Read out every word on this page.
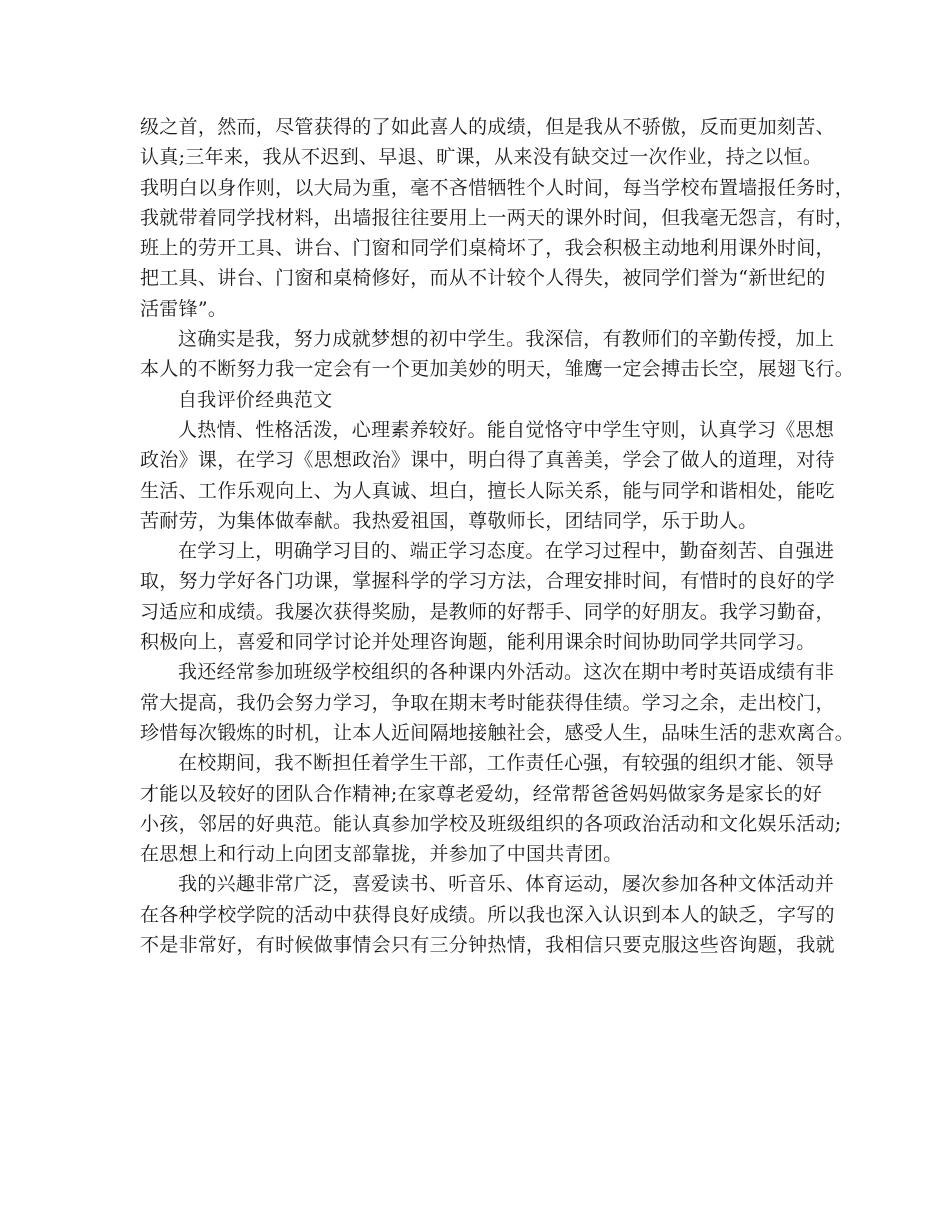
级之首，然而，尽管获得的了如此喜人的成绩，但是我从不骄傲，反而更加刻苦、
认真;三年来，我从不迟到、早退、旷课，从来没有缺交过一次作业，持之以恒。
我明白以身作则，以大局为重，毫不吝惜牺牲个人时间，每当学校布置墙报任务时，
我就带着同学找材料，出墙报往往要用上一两天的课外时间，但我毫无怨言，有时，
班上的劳开工具、讲台、门窗和同学们桌椅坏了，我会积极主动地利用课外时间，
把工具、讲台、门窗和桌椅修好，而从不计较个人得失，被同学们誉为“新世纪的
活雷锋”。
这确实是我，努力成就梦想的初中学生。我深信，有教师们的辛勤传授，加上
本人的不断努力我一定会有一个更加美妙的明天，雏鹰一定会搏击长空，展翅飞行。
自我评价经典范文
人热情、性格活泼，心理素养较好。能自觉恪守中学生守则，认真学习《思想
政治》课，在学习《思想政治》课中，明白得了真善美，学会了做人的道理，对待
生活、工作乐观向上、为人真诚、坦白，擅长人际关系，能与同学和谐相处，能吃
苦耐劳，为集体做奉献。我热爱祖国，尊敬师长，团结同学，乐于助人。
在学习上，明确学习目的、端正学习态度。在学习过程中，勤奋刻苦、自强进
取，努力学好各门功课，掌握科学的学习方法，合理安排时间，有惜时的良好的学
习适应和成绩。我屡次获得奖励，是教师的好帮手、同学的好朋友。我学习勤奋，
积极向上，喜爱和同学讨论并处理咨询题，能利用课余时间协助同学共同学习。
我还经常参加班级学校组织的各种课内外活动。这次在期中考时英语成绩有非
常大提高，我仍会努力学习，争取在期末考时能获得佳绩。学习之余，走出校门，
珍惜每次锻炼的时机，让本人近间隔地接触社会，感受人生，品味生活的悲欢离合。
在校期间，我不断担任着学生干部，工作责任心强，有较强的组织才能、领导
才能以及较好的团队合作精神;在家尊老爱幼，经常帮爸爸妈妈做家务是家长的好
小孩，邻居的好典范。能认真参加学校及班级组织的各项政治活动和文化娱乐活动;
在思想上和行动上向团支部靠拢，并参加了中国共青团。
我的兴趣非常广泛，喜爱读书、听音乐、体育运动，屡次参加各种文体活动并
在各种学校学院的活动中获得良好成绩。所以我也深入认识到本人的缺乏，字写的
不是非常好，有时候做事情会只有三分钟热情，我相信只要克服这些咨询题，我就
